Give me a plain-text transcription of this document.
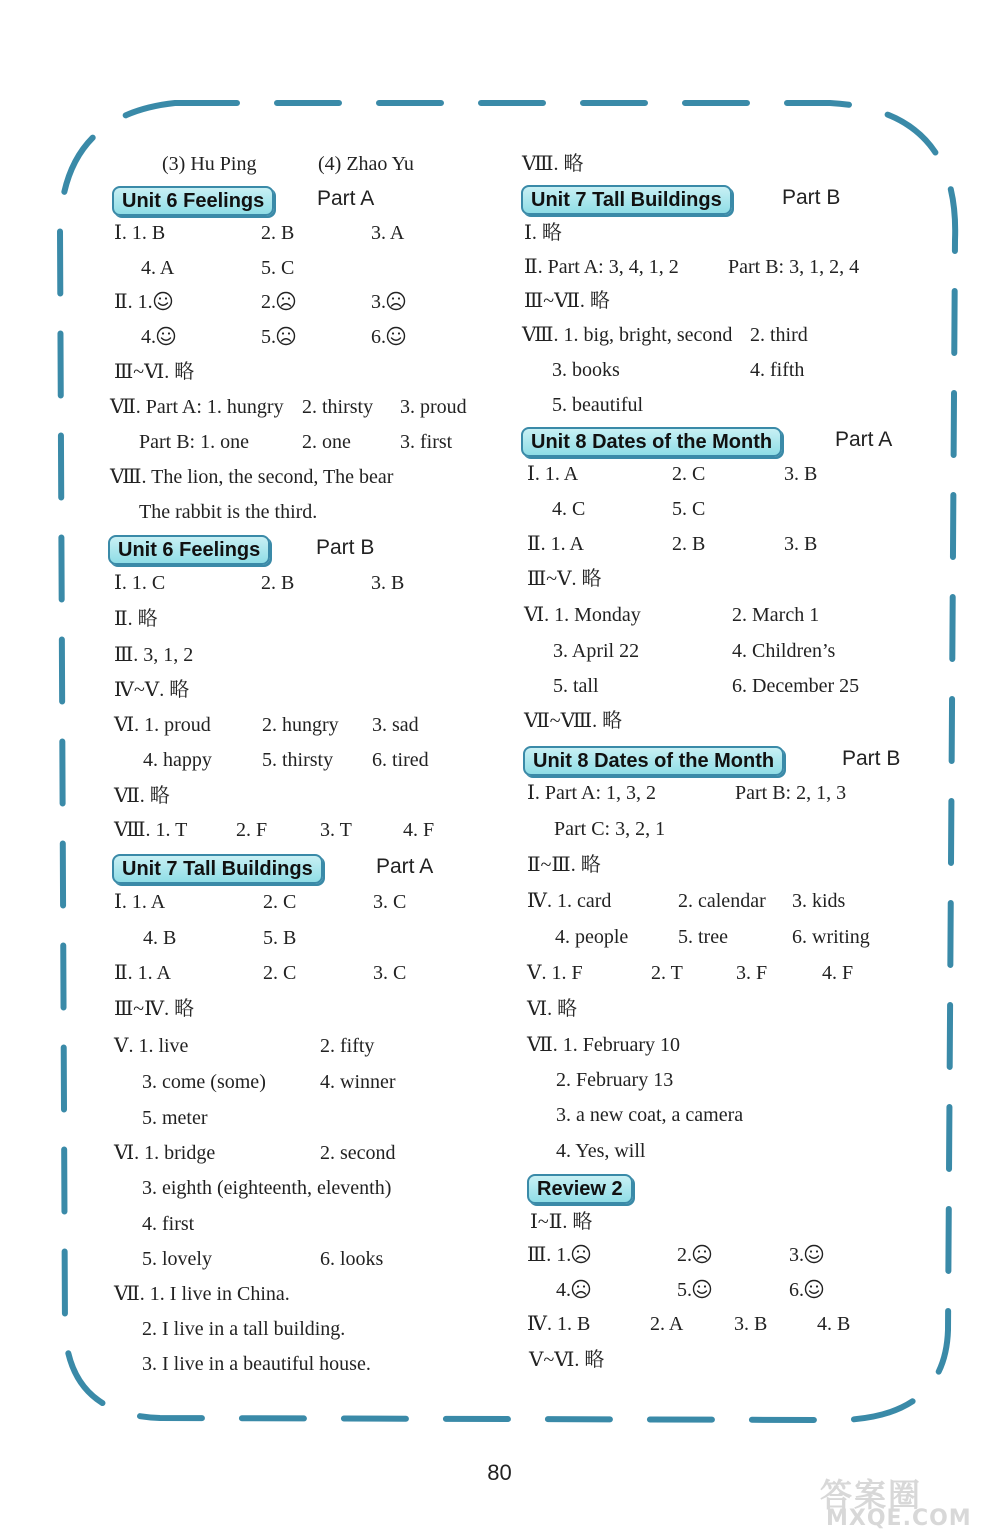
(3) Hu Ping	(4) Zhao Yu
Unit 6 Feelings	Part A
Ⅰ. 1. B	2. B	3. A
4. A	5. C
Ⅱ. 1.	2.	3.
4.	5.	6.
Ⅲ~Ⅵ. 略
Ⅶ. Part A: 1. hungry 2. thirsty 3. proud
Part B: 1. one	2. one 3. first
Ⅷ. The lion, the second, The bear
The rabbit is the third.
Unit 6 Feelings	Part B
Ⅰ. 1. C	2. B	3. B
Ⅱ. 略
Ⅲ. 3, 1, 2
Ⅳ~Ⅴ. 略
Ⅵ. 1. proud	2. hungry 3. sad
4. happy	5. thirsty 6. tired
Ⅶ. 略
Ⅷ. 1. T 2. F	3. T	4. F
Unit 7 Tall Buildings	Part A
Ⅰ. 1. A	2. C	3. C
4. B	5. B
Ⅱ. 1. A	2. C	3. C
Ⅲ~Ⅳ. 略
Ⅴ. 1. live	2. fifty
3. come (some)	4. winner
5. meter
Ⅵ. 1. bridge	2. second
3. eighth (eighteenth, eleventh)
4. first
5. lovely	6. looks
Ⅶ. 1. I live in China.
2. I live in a tall building.
3. I live in a beautiful house.
Ⅷ. 略
Unit 7 Tall Buildings	Part B
Ⅰ. 略
Ⅱ. Part A: 3, 4, 1, 2 Part B: 3, 1, 2, 4
Ⅲ~Ⅶ. 略
Ⅷ. 1. big, bright, second 2. third
3. books	4. fifth
5. beautiful
Unit 8 Dates of the Month	Part A
Ⅰ. 1. A	2. C	3. B
4. C	5. C
Ⅱ. 1. A	2. B	3. B
Ⅲ~Ⅴ. 略
Ⅵ. 1. Monday	2. March 1
3. April 22	4. Children’s
5. tall	6. December 25
Ⅶ~Ⅷ. 略
Unit 8 Dates of the Month	Part B
Ⅰ. Part A: 1, 3, 2	Part B: 2, 1, 3
Part C: 3, 2, 1
Ⅱ~Ⅲ. 略
Ⅳ. 1. card	2. calendar 3. kids
4. people 5. tree	6. writing
Ⅴ. 1. F	2. T	3. F	4. F
Ⅵ. 略
Ⅶ. 1. February 10
2. February 13
3. a new coat, a camera
4. Yes, will
Review 2
Ⅰ~Ⅱ. 略
Ⅲ. 1.	2.	3.
4.	5.	6.
Ⅳ. 1. B	2. A	3. B 4. B
Ⅴ~Ⅵ. 略
80
答案圈
MXQE.COM
